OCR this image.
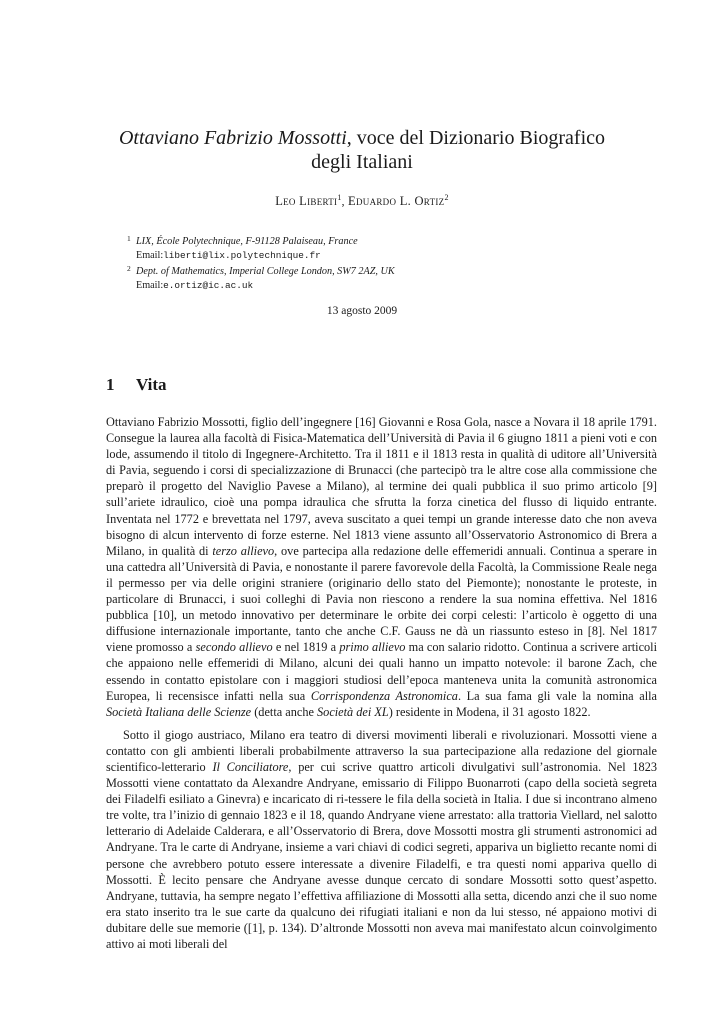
Ottaviano Fabrizio Mossotti, voce del Dizionario Biografico
degli Italiani
Leo Liberti$^1$, Eduardo L. Ortiz$^2$
1 LIX, École Polytechnique, F-91128 Palaiseau, France
Email:liberti@lix.polytechnique.fr
2 Dept. of Mathematics, Imperial College London, SW7 2AZ, UK
Email:e.ortiz@ic.ac.uk
13 agosto 2009
1 Vita

Ottaviano Fabrizio Mossotti, figlio dell’ingegnere [16] Giovanni e Rosa Gola, nasce a Novara il 18 aprile 1791. Consegue la laurea alla facoltà di Fisica-Matematica dell’Università di Pavia il 6 giugno 1811 a pieni voti e con lode, assumendo il titolo di Ingegnere-Architetto. Tra il 1811 e il 1813 resta in qualità di uditore all’Università di Pavia, seguendo i corsi di specializzazione di Brunacci (che partecipò tra le altre cose alla commissione che preparò il progetto del Naviglio Pavese a Milano), al termine dei quali pubblica il suo primo articolo [9] sull’ariete idraulico, cioè una pompa idraulica che sfrutta la forza cinetica del flusso di liquido entrante. Inventata nel 1772 e brevettata nel 1797, aveva suscitato a quei tempi un grande interesse dato che non aveva bisogno di alcun intervento di forze esterne. Nel 1813 viene assunto all’Osservatorio Astronomico di Brera a Milano, in qualità di terzo allievo, ove partecipa alla redazione delle effemeridi annuali. Continua a sperare in una cattedra all’Università di Pavia, e nonostante il parere favorevole della Facoltà, la Commissione Reale nega il permesso per via delle origini straniere (originario dello stato del Piemonte); nonostante le proteste, in particolare di Brunacci, i suoi colleghi di Pavia non riescono a rendere la sua nomina effettiva. Nel 1816 pubblica [10], un metodo innovativo per determinare le orbite dei corpi celesti: l’articolo è oggetto di una diffusione internazionale importante, tanto che anche C.F. Gauss ne dà un riassunto esteso in [8]. Nel 1817 viene promosso a secondo allievo e nel 1819 a primo allievo ma con salario ridotto. Continua a scrivere articoli che appaiono nelle effemeridi di Milano, alcuni dei quali hanno un impatto notevole: il barone Zach, che essendo in contatto epistolare con i maggiori studiosi dell’epoca manteneva unita la comunità astronomica Europea, li recensisce infatti nella sua Corrispondenza Astronomica. La sua fama gli vale la nomina alla Società Italiana delle Scienze (detta anche Società dei XL) residente in Modena, il 31 agosto 1822.

Sotto il giogo austriaco, Milano era teatro di diversi movimenti liberali e rivoluzionari. Mossotti viene a contatto con gli ambienti liberali probabilmente attraverso la sua partecipazione alla redazione del giornale scientifico-letterario Il Conciliatore, per cui scrive quattro articoli divulgativi sull’astronomia. Nel 1823 Mossotti viene contattato da Alexandre Andryane, emissario di Filippo Buonarroti (capo della società segreta dei Filadelfi esiliato a Ginevra) e incaricato di ri-tessere le fila della società in Italia. I due si incontrano almeno tre volte, tra l’inizio di gennaio 1823 e il 18, quando Andryane viene arrestato: alla trattoria Viellard, nel salotto letterario di Adelaide Calderara, e all’Osservatorio di Brera, dove Mossotti mostra gli strumenti astronomici ad Andryane. Tra le carte di Andryane, insieme a vari chiavi di codici segreti, appariva un biglietto recante nomi di persone che avrebbero potuto essere interessate a divenire Filadelfi, e tra questi nomi appariva quello di Mossotti. È lecito pensare che Andryane avesse dunque cercato di sondare Mossotti sotto quest’aspetto. Andryane, tuttavia, ha sempre negato l’effettiva affiliazione di Mossotti alla setta, dicendo anzi che il suo nome era stato inserito tra le sue carte da qualcuno dei rifugiati italiani e non da lui stesso, né appaiono motivi di dubitare delle sue memorie ([1], p. 134). D’altronde Mossotti non aveva mai manifestato alcun coinvolgimento attivo ai moti liberali del
